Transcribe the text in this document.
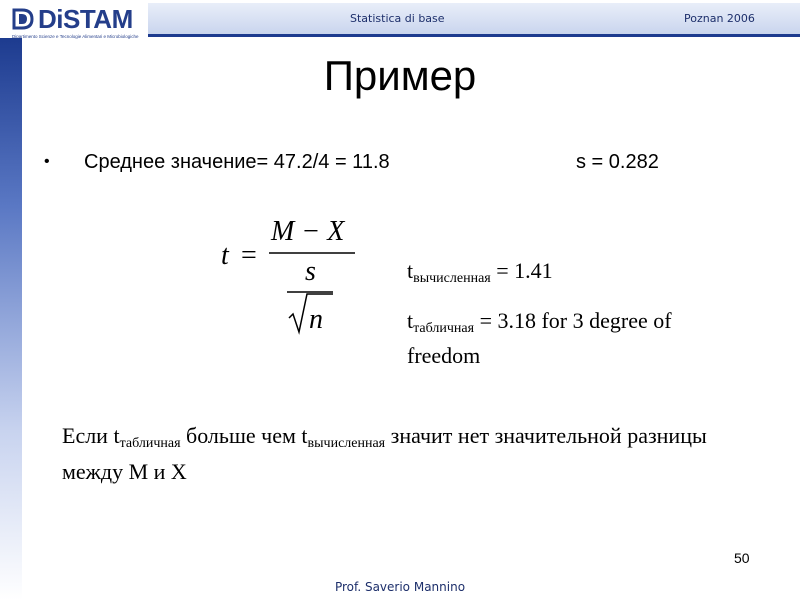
DiSTAM
Dipartimento Scienze e Tecnologie Alimentari e Microbiologiche
Statistica di base	Poznan 2006
Пример
• Среднее значение= 47.2/4 = 11.8	s = 0.282
t =
M − X
s
n
$t_{вычисленная} = 1.41$
$t_{табличная} = 3.18$ for 3 degree of freedom
Если $t_{табличная}$ больше чем $t_{вычисленная}$ значит нет значительной разницы между M и X
50
Prof. Saverio Mannino
